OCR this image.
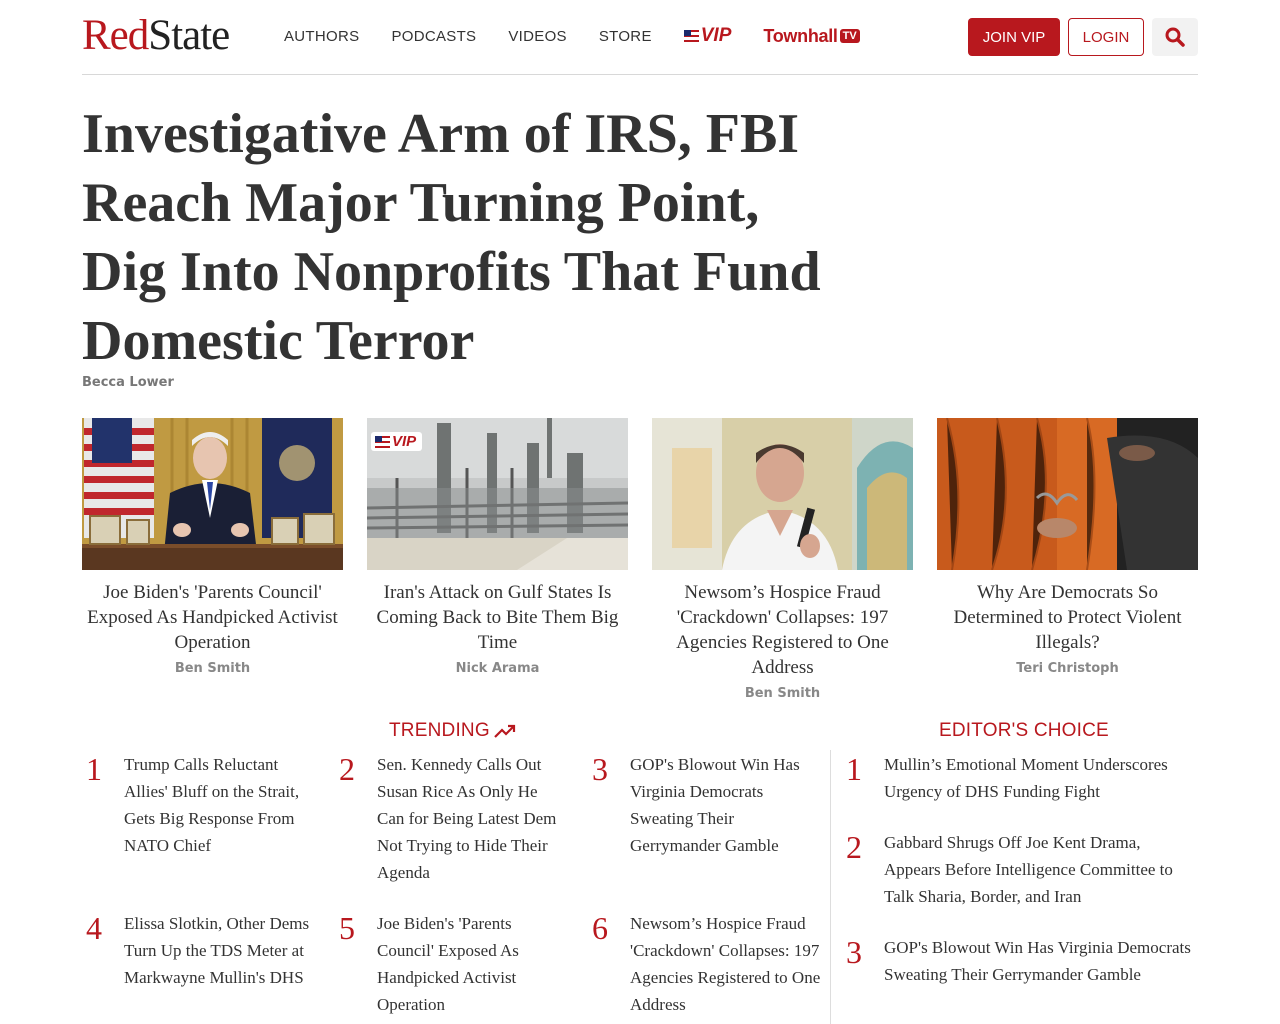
RedState	AUTHORS PODCASTS VIDEOS STORE	VIP Townhall TV	JOIN VIP	LOGIN
Investigative Arm of IRS, FBI Reach Major Turning Point, Dig Into Nonprofits That Fund Domestic Terror
Becca Lower
Joe Biden's 'Parents Council' Exposed As Handpicked Activist Operation
Ben Smith
VIP
Iran's Attack on Gulf States Is Coming Back to Bite Them Big Time
Nick Arama
Newsom’s Hospice Fraud 'Crackdown' Collapses: 197 Agencies Registered to One Address
Ben Smith
Why Are Democrats So Determined to Protect Violent Illegals?
Teri Christoph
TRENDING	EDITOR'S CHOICE
1	Trump Calls Reluctant Allies' Bluff on the Strait, Gets Big Response From NATO Chief
2	Sen. Kennedy Calls Out Susan Rice As Only He Can for Being Latest Dem Not Trying to Hide Their Agenda
3	GOP's Blowout Win Has Virginia Democrats Sweating Their Gerrymander Gamble
4	Elissa Slotkin, Other Dems Turn Up the TDS Meter at Markwayne Mullin's DHS
5	Joe Biden's 'Parents Council' Exposed As Handpicked Activist Operation
6	Newsom’s Hospice Fraud 'Crackdown' Collapses: 197 Agencies Registered to One Address
1	Mullin’s Emotional Moment Underscores Urgency of DHS Funding Fight
2	Gabbard Shrugs Off Joe Kent Drama, Appears Before Intelligence Committee to Talk Sharia, Border, and Iran
3	GOP's Blowout Win Has Virginia Democrats Sweating Their Gerrymander Gamble
